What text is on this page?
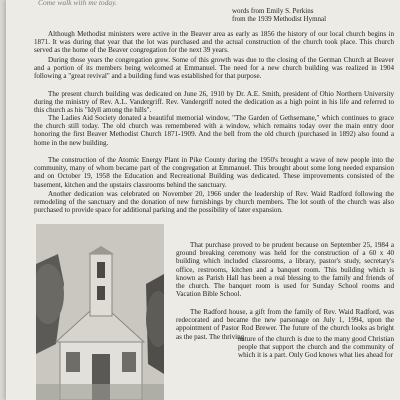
Come walk with me today.
words from Emily S. Perkins
from the 1939 Methodist Hymnal

Although Methodist ministers were active in the Beaver area as early as 1856 the history of our local church begins in 1871. It was during that year that the lot was purchased and the actual construction of the church took place. This church served as the home of the Beaver congregation for the next 39 years.

During those years the congregation grew. Some of this growth was due to the closing of the German Church at Beaver and a portion of its members being welcomed at Emmanuel. The need for a new church building was realized in 1904 following a "great revival" and a building fund was established for that purpose.

The present church building was dedicated on June 26, 1910 by Dr. A.E. Smith, president of Ohio Northern University during the ministry of Rev. A.L. Vandergriff. Rev. Vandergriff noted the dedication as a high point in his life and referred to this church as his "Idyll among the hills".

The Ladies Aid Society donated a beautiful memorial window, "The Garden of Gethsemane," which continues to grace the church still today. The old church was remembered with a window, which remains today over the main entry door honoring the first Beaver Methodist Church 1871-1909. And the bell from the old church (purchased in 1892) also found a home in the new building.

The construction of the Atomic Energy Plant in Pike County during the 1950's brought a wave of new people into the community, many of whom became part of the congregation at Emmanuel. This brought about some long needed expansion and on October 19, 1958 the Education and Recreational Building was dedicated. These improvements consisted of the basement, kitchen and the upstairs classrooms behind the sanctuary.

Another dedication was celebrated on November 20, 1966 under the leadership of Rev. Waid Radford following the remodeling of the sanctuary and the donation of new furnishings by church members. The lot south of the church was also purchased to provide space for additional parking and the possibility of later expansion.

That purchase proved to be prudent because on September 25, 1984 a ground breaking ceremony was held for the construction of a 60 x 40 building which included classrooms, a library, pastor's study, secretary's office, restrooms, kitchen and a banquet room. This building which is known as Parish Hall has been a real blessing to the family and friends of the church. The banquet room is used for Sunday School rooms and Vacation Bible School.

The Radford house, a gift from the family of Rev. Waid Radford, was redecorated and became the new parsonage on July 1, 1994, upon the appointment of Pastor Rod Brewer. The future of the church looks as bright as the past. The thriving

nature of the church is due to the many good Christian people that support the church and the community of which it is a part. Only God knows what lies ahead for
